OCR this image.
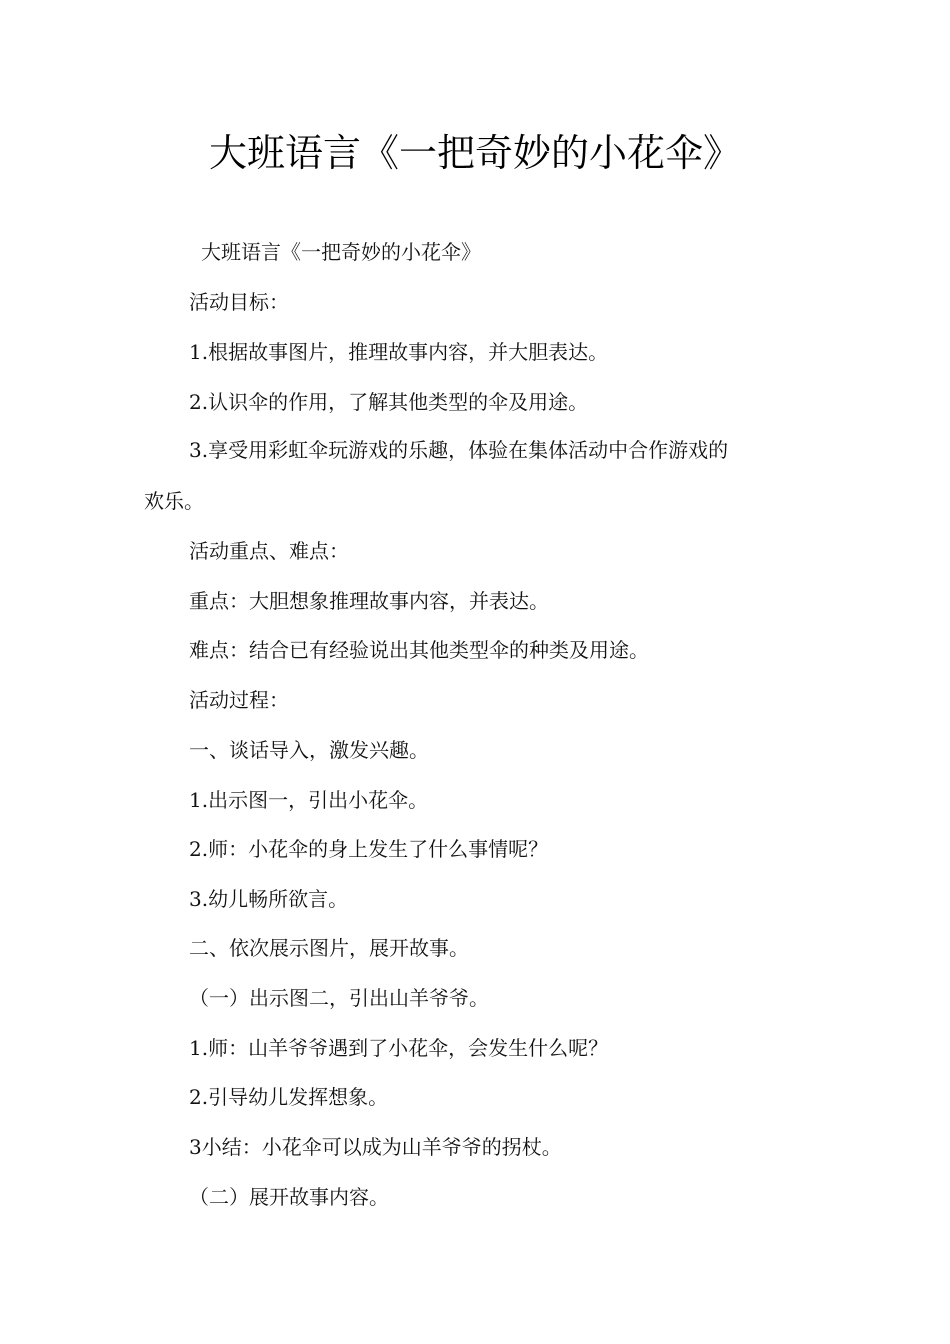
大班语言《一把奇妙的小花伞》
大班语言《一把奇妙的小花伞》
活动目标：
1.根据故事图片，推理故事内容，并大胆表达。
2.认识伞的作用，了解其他类型的伞及用途。
3.享受用彩虹伞玩游戏的乐趣，体验在集体活动中合作游戏的
欢乐。
活动重点、难点：
重点：大胆想象推理故事内容，并表达。
难点：结合已有经验说出其他类型伞的种类及用途。
活动过程：
一、谈话导入，激发兴趣。
1.出示图一，引出小花伞。
2.师：小花伞的身上发生了什么事情呢？
3.幼儿畅所欲言。
二、依次展示图片，展开故事。
（一）出示图二，引出山羊爷爷。
1.师：山羊爷爷遇到了小花伞，会发生什么呢？
2.引导幼儿发挥想象。
3小结：小花伞可以成为山羊爷爷的拐杖。
（二）展开故事内容。
